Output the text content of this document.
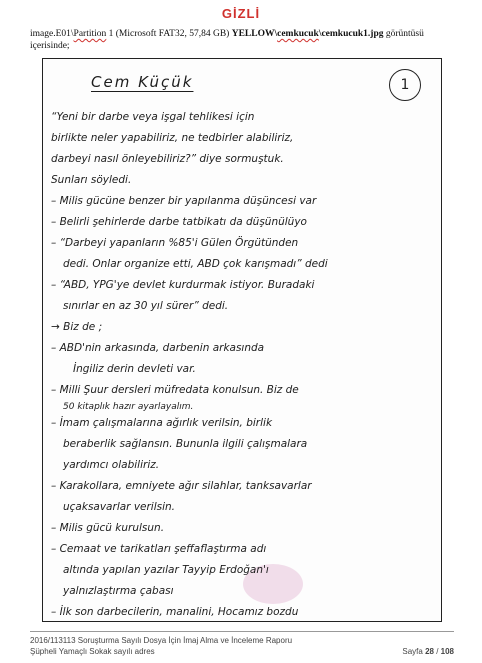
GİZLİ
image.E01\Partition 1 (Microsoft FAT32, 57,84 GB) YELLOW\cemkucuk\cemkucuk1.jpg görüntüsü içerisinde;
1
Cem Küçük
“Yeni bir darbe veya işgal tehlikesi için
birlikte neler yapabiliriz, ne tedbirler alabiliriz,
darbeyi nasıl önleyebiliriz?” diye sormuştuk.
Sunları söyledi.
– Milis gücüne benzer bir yapılanma düşüncesi var
– Belirli şehirlerde darbe tatbikatı da düşünülüyo
– “Darbeyi yapanların %85'i Gülen Örgütünden
dedi. Onlar organize etti, ABD çok karışmadı” dedi
– “ABD, YPG'ye devlet kurdurmak istiyor. Buradaki
sınırlar en az 30 yıl sürer” dedi.
→ Biz de ;
– ABD'nin arkasında, darbenin arkasında
İngiliz derin devleti var.
– Milli Şuur dersleri müfredata konulsun. Biz de
50 kitaplık hazır ayarlayalım.
– İmam çalışmalarına ağırlık verilsin, birlik
beraberlik sağlansın. Bununla ilgili çalışmalara
yardımcı olabiliriz.
– Karakollara, emniyete ağır silahlar, tanksavarlar
uçaksavarlar verilsin.
– Milis gücü kurulsun.
– Cemaat ve tarikatları şeffaflaştırma adı
altında yapılan yazılar Tayyip Erdoğan'ı
yalnızlaştırma çabası
– İlk son darbecilerin, manalini, Hocamız bozdu
2016/113113 Soruşturma Sayılı Dosya İçin İmaj Alma ve İnceleme Raporu
Şüpheli Yamaçlı Sokak sayılı adres	Sayfa 28 / 108
